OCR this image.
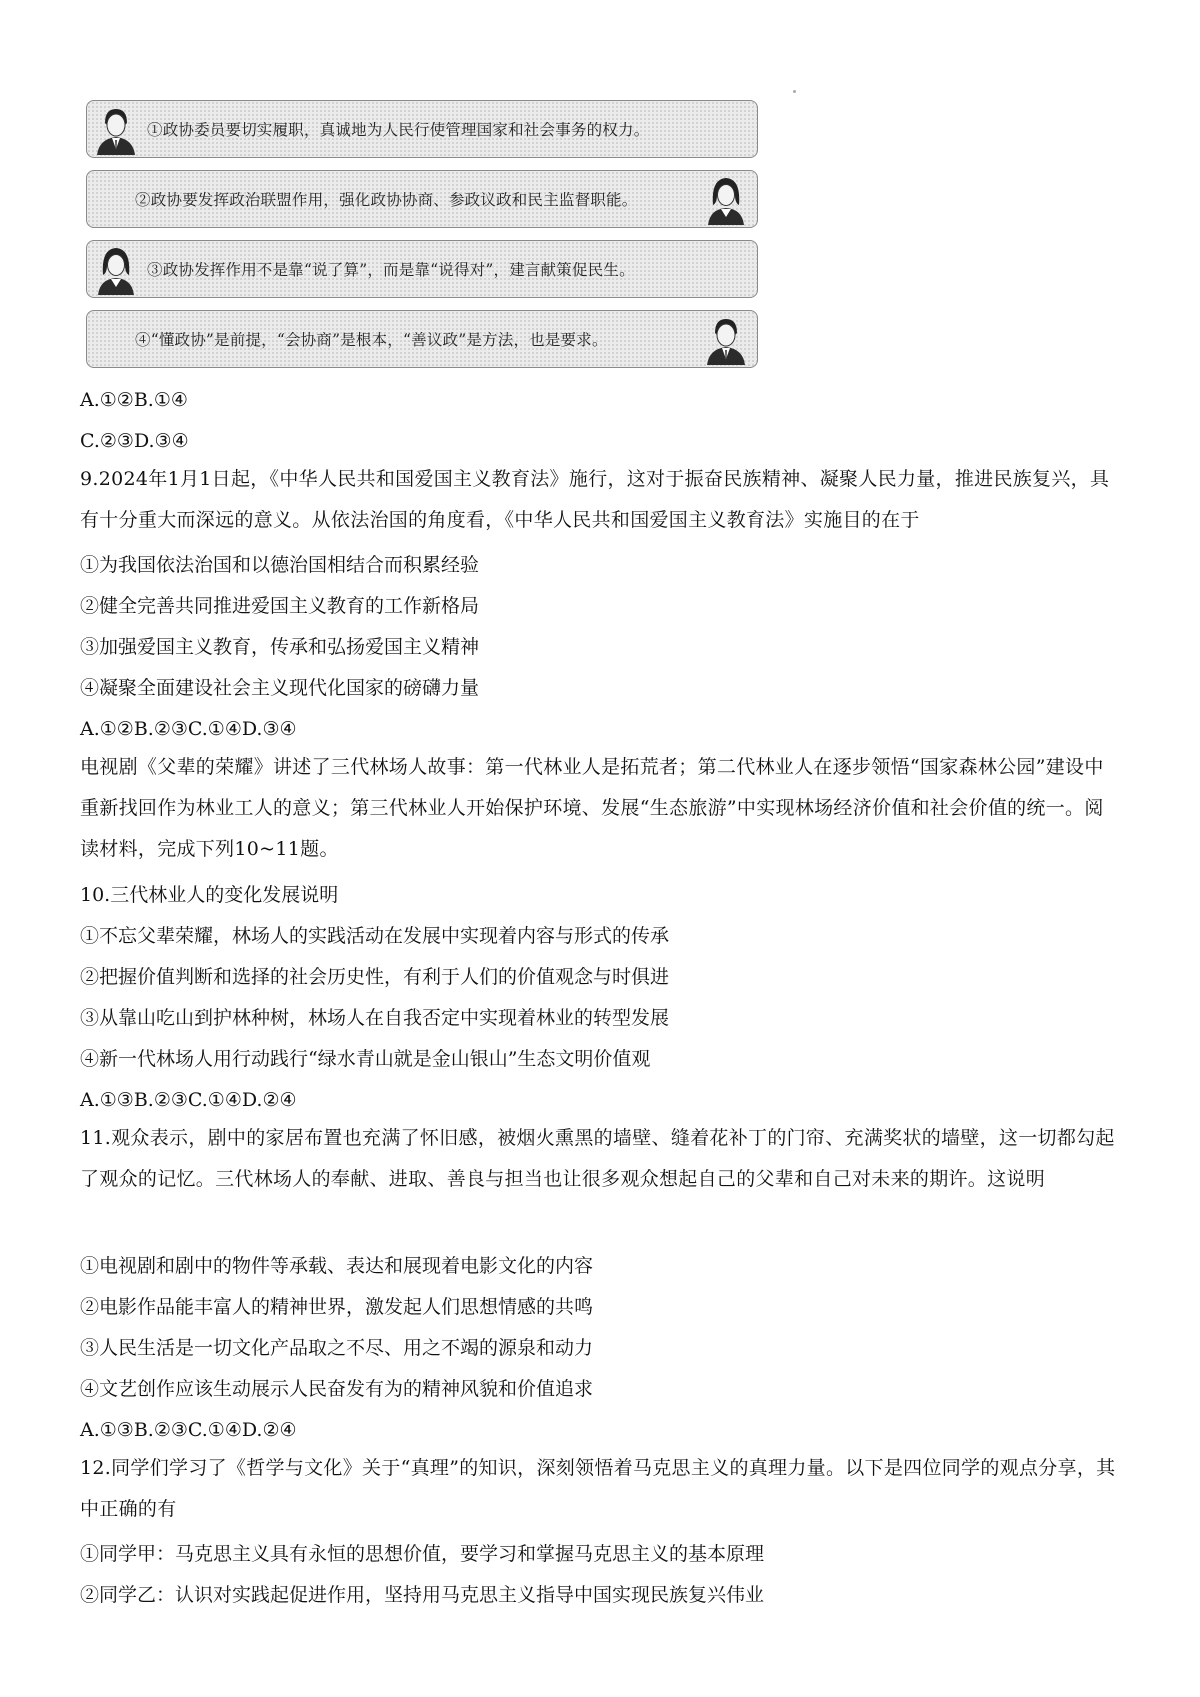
①政协委员要切实履职，真诚地为人民行使管理国家和社会事务的权力。
②政协要发挥政治联盟作用，强化政协协商、参政议政和民主监督职能。
③政协发挥作用不是靠“说了算”，而是靠“说得对”，建言献策促民生。
④“懂政协”是前提，“会协商”是根本，“善议政”是方法，也是要求。
A.①②B.①④
C.②③D.③④
9.2024年1月1日起，《中华人民共和国爱国主义教育法》施行，这对于振奋民族精神、凝聚人民力量，推进民族复兴，具有十分重大而深远的意义。从依法治国的角度看，《中华人民共和国爱国主义教育法》实施目的在于
①为我国依法治国和以德治国相结合而积累经验
②健全完善共同推进爱国主义教育的工作新格局
③加强爱国主义教育，传承和弘扬爱国主义精神
④凝聚全面建设社会主义现代化国家的磅礴力量
A.①②B.②③C.①④D.③④
电视剧《父辈的荣耀》讲述了三代林场人故事：第一代林业人是拓荒者；第二代林业人在逐步领悟“国家森林公园”建设中重新找回作为林业工人的意义；第三代林业人开始保护环境、发展“生态旅游”中实现林场经济价值和社会价值的统一。阅读材料，完成下列10~11题。
10.三代林业人的变化发展说明
①不忘父辈荣耀，林场人的实践活动在发展中实现着内容与形式的传承
②把握价值判断和选择的社会历史性，有利于人们的价值观念与时俱进
③从靠山吃山到护林种树，林场人在自我否定中实现着林业的转型发展
④新一代林场人用行动践行“绿水青山就是金山银山”生态文明价值观
A.①③B.②③C.①④D.②④
11.观众表示，剧中的家居布置也充满了怀旧感，被烟火熏黑的墙壁、缝着花补丁的门帘、充满奖状的墙壁，这一切都勾起了观众的记忆。三代林场人的奉献、进取、善良与担当也让很多观众想起自己的父辈和自己对未来的期许。这说明
①电视剧和剧中的物件等承载、表达和展现着电影文化的内容
②电影作品能丰富人的精神世界，激发起人们思想情感的共鸣
③人民生活是一切文化产品取之不尽、用之不竭的源泉和动力
④文艺创作应该生动展示人民奋发有为的精神风貌和价值追求
A.①③B.②③C.①④D.②④
12.同学们学习了《哲学与文化》关于“真理”的知识，深刻领悟着马克思主义的真理力量。以下是四位同学的观点分享，其中正确的有
①同学甲：马克思主义具有永恒的思想价值，要学习和掌握马克思主义的基本原理
②同学乙：认识对实践起促进作用，坚持用马克思主义指导中国实现民族复兴伟业
